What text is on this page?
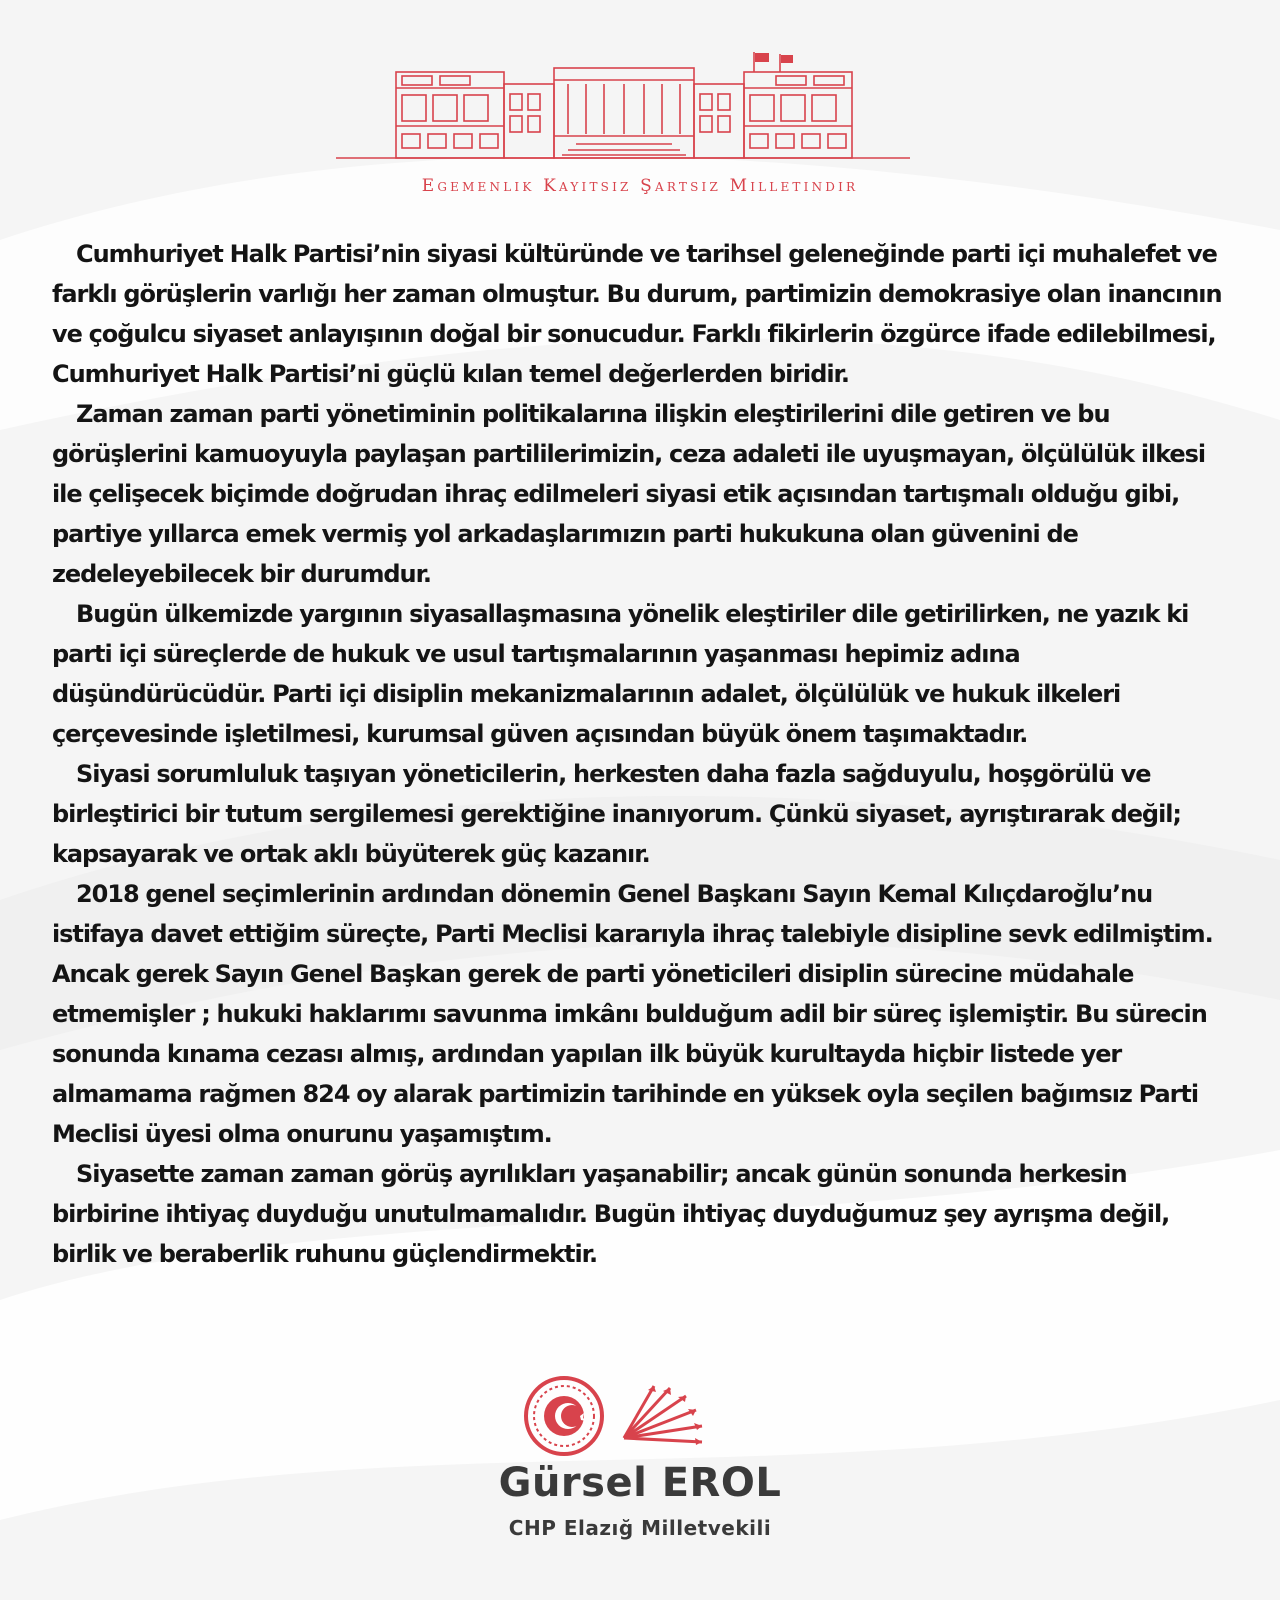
Egemenlik Kayıtsız Şartsız Milletindir

Cumhuriyet Halk Partisi’nin siyasi kültüründe ve tarihsel geleneğinde parti içi muhalefet ve farklı görüşlerin varlığı her zaman olmuştur. Bu durum, partimizin demokrasiye olan inancının ve çoğulcu siyaset anlayışının doğal bir sonucudur. Farklı fikirlerin özgürce ifade edilebilmesi, Cumhuriyet Halk Partisi’ni güçlü kılan temel değerlerden biridir.

Zaman zaman parti yönetiminin politikalarına ilişkin eleştirilerini dile getiren ve bu görüşlerini kamuoyuyla paylaşan partililerimizin, ceza adaleti ile uyuşmayan, ölçülülük ilkesi ile çelişecek biçimde doğrudan ihraç edilmeleri siyasi etik açısından tartışmalı olduğu gibi, partiye yıllarca emek vermiş yol arkadaşlarımızın parti hukukuna olan güvenini de zedeleyebilecek bir durumdur.

Bugün ülkemizde yargının siyasallaşmasına yönelik eleştiriler dile getirilirken, ne yazık ki parti içi süreçlerde de hukuk ve usul tartışmalarının yaşanması hepimiz adına düşündürücüdür. Parti içi disiplin mekanizmalarının adalet, ölçülülük ve hukuk ilkeleri çerçevesinde işletilmesi, kurumsal güven açısından büyük önem taşımaktadır.

Siyasi sorumluluk taşıyan yöneticilerin, herkesten daha fazla sağduyulu, hoşgörülü ve birleştirici bir tutum sergilemesi gerektiğine inanıyorum. Çünkü siyaset, ayrıştırarak değil; kapsayarak ve ortak aklı büyüterek güç kazanır.

2018 genel seçimlerinin ardından dönemin Genel Başkanı Sayın Kemal Kılıçdaroğlu’nu istifaya davet ettiğim süreçte, Parti Meclisi kararıyla ihraç talebiyle disipline sevk edilmiştim. Ancak gerek Sayın Genel Başkan gerek de parti yöneticileri disiplin sürecine müdahale etmemişler ; hukuki haklarımı savunma imkânı bulduğum adil bir süreç işlemiştir. Bu sürecin sonunda kınama cezası almış, ardından yapılan ilk büyük kurultayda hiçbir listede yer almamama rağmen 824 oy alarak partimizin tarihinde en yüksek oyla seçilen bağımsız Parti Meclisi üyesi olma onurunu yaşamıştım.

Siyasette zaman zaman görüş ayrılıkları yaşanabilir; ancak günün sonunda herkesin birbirine ihtiyaç duyduğu unutulmamalıdır. Bugün ihtiyaç duyduğumuz şey ayrışma değil, birlik ve beraberlik ruhunu güçlendirmektir.

Gürsel EROL
CHP Elazığ Milletvekili
